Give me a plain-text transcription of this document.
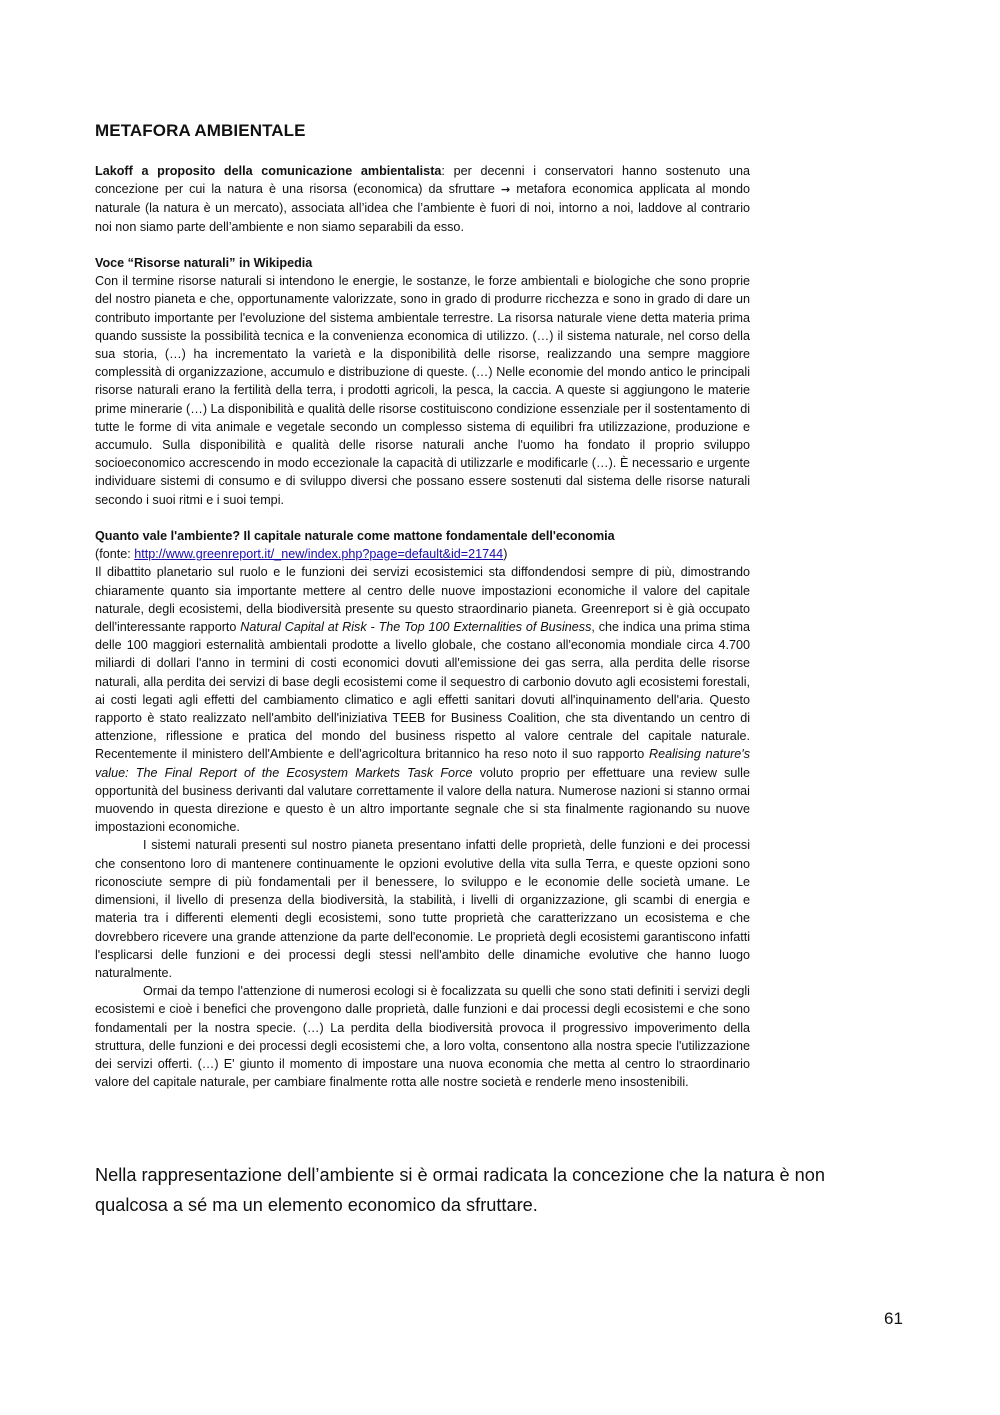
METAFORA AMBIENTALE

Lakoff a proposito della comunicazione ambientalista: per decenni i conservatori hanno sostenuto una concezione per cui la natura è una risorsa (economica) da sfruttare → metafora economica applicata al mondo naturale (la natura è un mercato), associata all’idea che l’ambiente è fuori di noi, intorno a noi, laddove al contrario noi non siamo parte dell’ambiente e non siamo separabili da esso.

Voce “Risorse naturali” in Wikipedia

Con il termine risorse naturali si intendono le energie, le sostanze, le forze ambientali e biologiche che sono proprie del nostro pianeta e che, opportunamente valorizzate, sono in grado di produrre ricchezza e sono in grado di dare un contributo importante per l'evoluzione del sistema ambientale terrestre. La risorsa naturale viene detta materia prima quando sussiste la possibilità tecnica e la convenienza economica di utilizzo. (…) il sistema naturale, nel corso della sua storia, (…) ha incrementato la varietà e la disponibilità delle risorse, realizzando una sempre maggiore complessità di organizzazione, accumulo e distribuzione di queste. (…) Nelle economie del mondo antico le principali risorse naturali erano la fertilità della terra, i prodotti agricoli, la pesca, la caccia. A queste si aggiungono le materie prime minerarie (…) La disponibilità e qualità delle risorse costituiscono condizione essenziale per il sostentamento di tutte le forme di vita animale e vegetale secondo un complesso sistema di equilibri fra utilizzazione, produzione e accumulo. Sulla disponibilità e qualità delle risorse naturali anche l'uomo ha fondato il proprio sviluppo socioeconomico accrescendo in modo eccezionale la capacità di utilizzarle e modificarle (…). È necessario e urgente individuare sistemi di consumo e di sviluppo diversi che possano essere sostenuti dal sistema delle risorse naturali secondo i suoi ritmi e i suoi tempi.

Quanto vale l'ambiente? Il capitale naturale come mattone fondamentale dell'economia

(fonte: http://www.greenreport.it/_new/index.php?page=default&id=21744)

Il dibattito planetario sul ruolo e le funzioni dei servizi ecosistemici sta diffondendosi sempre di più, dimostrando chiaramente quanto sia importante mettere al centro delle nuove impostazioni economiche il valore del capitale naturale, degli ecosistemi, della biodiversità presente su questo straordinario pianeta. Greenreport si è già occupato dell'interessante rapporto Natural Capital at Risk - The Top 100 Externalities of Business, che indica una prima stima delle 100 maggiori esternalità ambientali prodotte a livello globale, che costano all'economia mondiale circa 4.700 miliardi di dollari l'anno in termini di costi economici dovuti all'emissione dei gas serra, alla perdita delle risorse naturali, alla perdita dei servizi di base degli ecosistemi come il sequestro di carbonio dovuto agli ecosistemi forestali, ai costi legati agli effetti del cambiamento climatico e agli effetti sanitari dovuti all'inquinamento dell'aria. Questo rapporto è stato realizzato nell'ambito dell'iniziativa TEEB for Business Coalition, che sta diventando un centro di attenzione, riflessione e pratica del mondo del business rispetto al valore centrale del capitale naturale. Recentemente il ministero dell'Ambiente e dell'agricoltura britannico ha reso noto il suo rapporto Realising nature's value: The Final Report of the Ecosystem Markets Task Force voluto proprio per effettuare una review sulle opportunità del business derivanti dal valutare correttamente il valore della natura. Numerose nazioni si stanno ormai muovendo in questa direzione e questo è un altro importante segnale che si sta finalmente ragionando su nuove impostazioni economiche.

I sistemi naturali presenti sul nostro pianeta presentano infatti delle proprietà, delle funzioni e dei processi che consentono loro di mantenere continuamente le opzioni evolutive della vita sulla Terra, e queste opzioni sono riconosciute sempre di più fondamentali per il benessere, lo sviluppo e le economie delle società umane. Le dimensioni, il livello di presenza della biodiversità, la stabilità, i livelli di organizzazione, gli scambi di energia e materia tra i differenti elementi degli ecosistemi, sono tutte proprietà che caratterizzano un ecosistema e che dovrebbero ricevere una grande attenzione da parte dell'economie. Le proprietà degli ecosistemi garantiscono infatti l'esplicarsi delle funzioni e dei processi degli stessi nell'ambito delle dinamiche evolutive che hanno luogo naturalmente.

Ormai da tempo l'attenzione di numerosi ecologi si è focalizzata su quelli che sono stati definiti i servizi degli ecosistemi e cioè i benefici che provengono dalle proprietà, dalle funzioni e dai processi degli ecosistemi e che sono fondamentali per la nostra specie. (…) La perdita della biodiversità provoca il progressivo impoverimento della struttura, delle funzioni e dei processi degli ecosistemi che, a loro volta, consentono alla nostra specie l'utilizzazione dei servizi offerti. (…) E' giunto il momento di impostare una nuova economia che metta al centro lo straordinario valore del capitale naturale, per cambiare finalmente rotta alle nostre società e renderle meno insostenibili.

Nella rappresentazione dell’ambiente si è ormai radicata la concezione che la natura è non qualcosa a sé ma un elemento economico da sfruttare.

61
